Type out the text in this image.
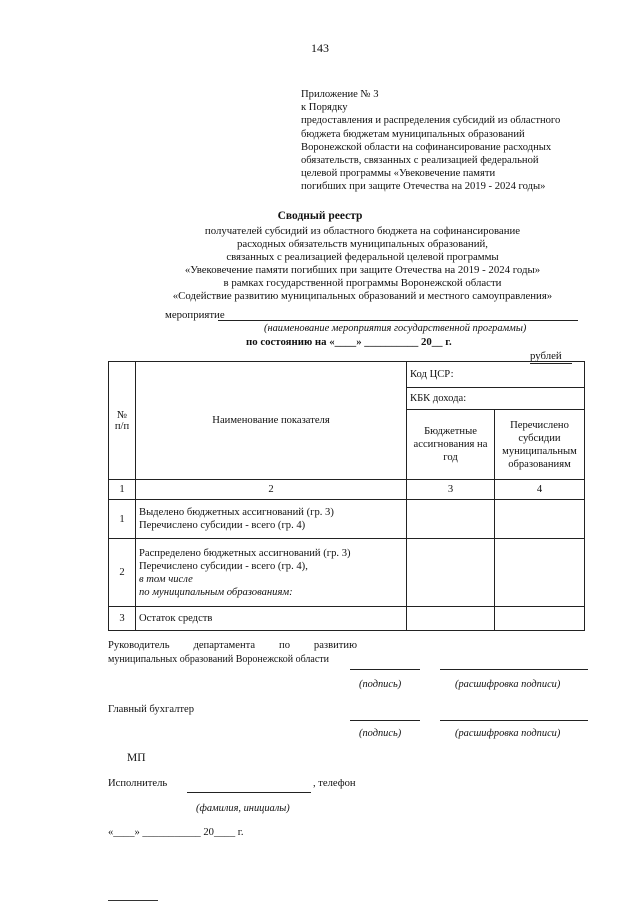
143
Приложение № 3
к Порядку
предоставления и распределения субсидий из областного
бюджета бюджетам муниципальных образований
Воронежской области на софинансирование расходных
обязательств, связанных с реализацией федеральной
целевой программы «Увековечение памяти
погибших при защите Отечества на 2019 - 2024 годы»
Сводный реестр
получателей субсидий из областного бюджета на софинансирование
расходных обязательств муниципальных образований,
связанных с реализацией федеральной целевой программы
«Увековечение памяти погибших при защите Отечества на 2019 - 2024 годы»
в рамках государственной программы Воронежской области
«Содействие развитию муниципальных образований и местного самоуправления»
мероприятие
(наименование мероприятия государственной программы)
по состоянию на «____» __________ 20__ г.
рублей
№ п/п	Наименование показателя	Код ЦСР:	
		КБК дохода:	
		Бюджетные ассигнования на год	Перечислено субсидии муниципальным образованиям
1	2	3	4
1	Выделено бюджетных ассигнований (гр. 3)
Перечислено субсидии - всего (гр. 4)		

2	Распределено бюджетных ассигнований (гр. 3)
Перечислено субсидии - всего (гр. 4),
в том числе
по муниципальным образованиям:		

3	Остаток средств		
Руководитель департамента по развитию
муниципальных образований Воронежской области
(подпись)	(расшифровка подписи)
Главный бухгалтер
(подпись)	(расшифровка подписи)
МП
Исполнитель	, телефон
(фамилия, инициалы)
«____» ___________ 20____ г.
